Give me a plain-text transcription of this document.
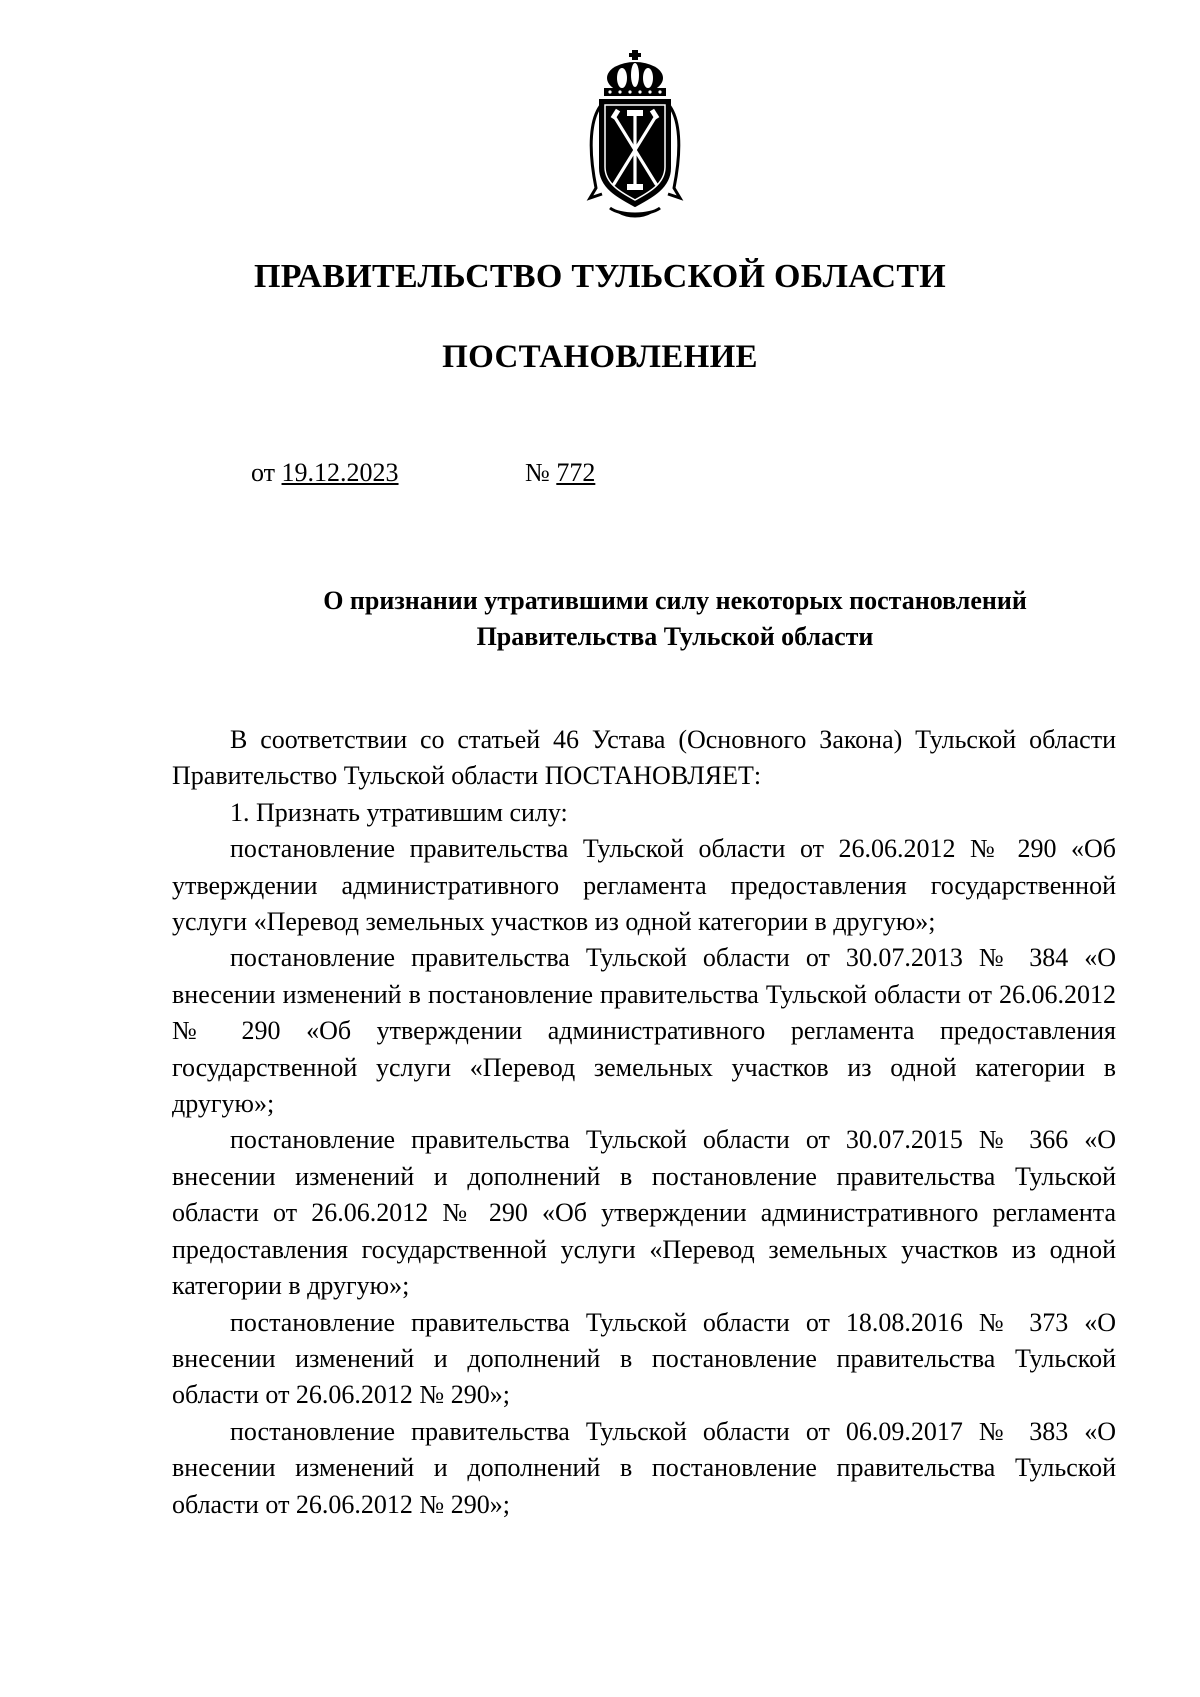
ПРАВИТЕЛЬСТВО ТУЛЬСКОЙ ОБЛАСТИ
ПОСТАНОВЛЕНИЕ
от 19.12.2023	№ 772
О признании утратившими силу некоторых постановлений
Правительства Тульской области

В соответствии со статьей 46 Устава (Основного Закона) Тульской области Правительство Тульской области ПОСТАНОВЛЯЕТ:

1. Признать утратившим силу:

постановление правительства Тульской области от 26.06.2012 № 290 «Об утверждении административного регламента предоставления государственной услуги «Перевод земельных участков из одной категории в другую»;

постановление правительства Тульской области от 30.07.2013 № 384 «О внесении изменений в постановление правительства Тульской области от 26.06.2012 № 290 «Об утверждении административного регламента предоставления государственной услуги «Перевод земельных участков из одной категории в другую»;

постановление правительства Тульской области от 30.07.2015 № 366 «О внесении изменений и дополнений в постановление правительства Тульской области от 26.06.2012 № 290 «Об утверждении административного регламента предоставления государственной услуги «Перевод земельных участков из одной категории в другую»;

постановление правительства Тульской области от 18.08.2016 № 373 «О внесении изменений и дополнений в постановление правительства Тульской области от 26.06.2012 № 290»;

постановление правительства Тульской области от 06.09.2017 № 383 «О внесении изменений и дополнений в постановление правительства Тульской области от 26.06.2012 № 290»;
